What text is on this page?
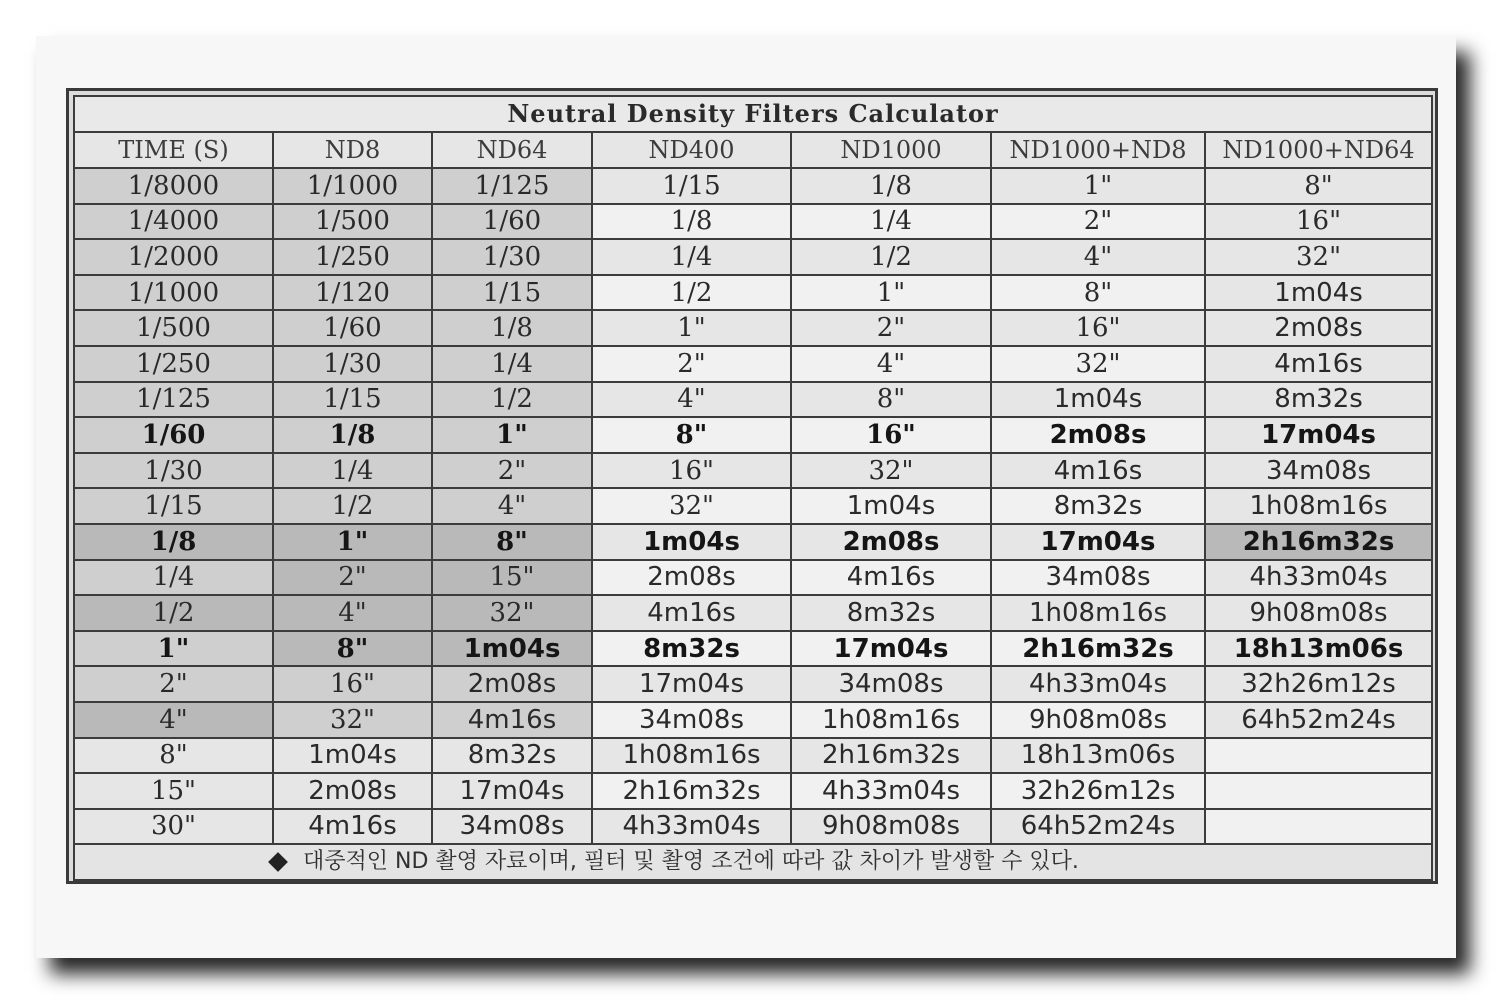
Neutral Density Filters Calculator						
TIME (S)	ND8	ND64	ND400	ND1000	ND1000+ND8	ND1000+ND64
1/8000	1/1000	1/125	1/15	1/8	1"	8"
1/4000	1/500	1/60	1/8	1/4	2"	16"
1/2000	1/250	1/30	1/4	1/2	4"	32"
1/1000	1/120	1/15	1/2	1"	8"	1m04s
1/500	1/60	1/8	1"	2"	16"	2m08s
1/250	1/30	1/4	2"	4"	32"	4m16s
1/125	1/15	1/2	4"	8"	1m04s	8m32s
1/60	1/8	1"	8"	16"	2m08s	17m04s
1/30	1/4	2"	16"	32"	4m16s	34m08s
1/15	1/2	4"	32"	1m04s	8m32s	1h08m16s
1/8	1"	8"	1m04s	2m08s	17m04s	2h16m32s
1/4	2"	15"	2m08s	4m16s	34m08s	4h33m04s
1/2	4"	32"	4m16s	8m32s	1h08m16s	9h08m08s
1"	8"	1m04s	8m32s	17m04s	2h16m32s	18h13m06s
2"	16"	2m08s	17m04s	34m08s	4h33m04s	32h26m12s
4"	32"	4m16s	34m08s	1h08m16s	9h08m08s	64h52m24s
8"	1m04s	8m32s	1h08m16s	2h16m32s	18h13m06s	
15"	2m08s	17m04s	2h16m32s	4h33m04s	32h26m12s	
30"	4m16s	34m08s	4h33m04s	9h08m08s	64h52m24s	
대중적인 ND 촬영 자료이며, 필터 및 촬영 조건에 따라 값 차이가 발생할 수 있다.						
